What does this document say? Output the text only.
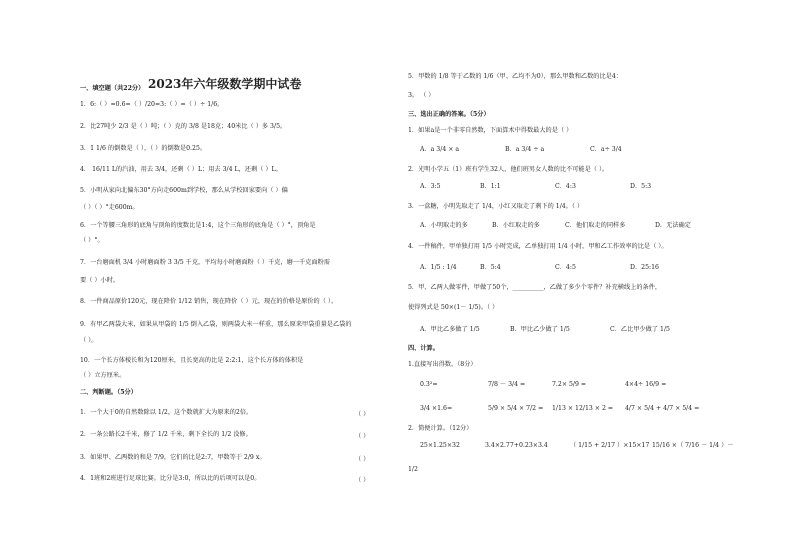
2023年六年级数学期中试卷
一、填空题（共22分）
1．6:（ ）=0.6=（ ）/20=3:（ ）=（ ）÷ 1/6。
2．比27吨少 2/3 是（ ）吨；（ ）克的 3/8 是18克；40米比（ ）多 3/5。
3．1 1/6 的倒数是（ ），（ ）的倒数是0.25。
4． 16/11 L的汽油，用去 3/4，还剩（ ）L；用去 3/4 L，还剩（ ）L。
5．小明从家向北偏东30°方向走600m到学校，那么从学校回家要向（ ）偏
（ ）（ ）°走600m。
6．一个等腰三角形的底角与顶角的度数比是1:4，这个三角形的底角是（ ）°，顶角是
（ ）°。
7．一台磨面机 3/4 小时磨面粉 3 3/5 千克，平均每小时磨面粉（ ）千克，磨一千克面粉需
要（ ）小时。
8．一件商品原价120元，现在降价 1/12 销售，现在降价（ ）元，现在的价格是原价的（ ）。
9．有甲乙两袋大米，如果从甲袋的 1/5 倒入乙袋，则两袋大米一样重，那么原来甲袋重量是乙袋的
（ ）。
10．一个长方体棱长和为120厘米，且长宽高的比是 2:2:1，这个长方体的体积是
（ ）立方厘米。
二、判断题。（5分）
1．一个大于0的自然数除以 1/2，这个数就扩大为原来的2倍。	（ ）
2．一条公路长2千米，修了 1/2 千米，剩下全长的 1/2 没修。	（ ）
3．如果甲、乙两数的和是 7/9，它们的比是2:7，甲数等于 2/9 x。	（ ）
4．1班和2班进行足球比赛。比分是3:0，所以比的后项可以是0。	（ ）
5．甲数的 1/8 等于乙数的 1/6（甲、乙均不为0），那么甲数和乙数的比是4：
3。 （ ）
三、选出正确的答案。（5分）
1．如果a是一个非零自然数，下面算术中得数最大的是（ ）
A．a 3/4 × a	B．a 3/4 ÷ a	C．a÷ 3/4
2．光明小学五（1）班有学生32人，他们班男女人数的比不可能是（ ）。
A．3:5	B．1:1	C．4:3	D．5:3
3．一盒糖，小明先取走了 1/4，小红又取走了剩下的 1/4。（ ）
A．小明取走的多	B．小红取走的多	C．他们取走的同样多	D．无法确定
4．一件稿件，甲单独打用 1/5 小时完成，乙单独打用 1/4 小时，甲和乙工作效率的比是（ ）。
A．1/5 : 1/4	B．5:4	C．4:5	D．25:16
5．甲、乙两人做零件，甲做了50个，__________，乙做了多少个零件？补充横线上的条件，
使得列式是 50×(1－ 1/5)。（ ）
A．甲比乙多做了 1/5	B．甲比乙少做了 1/5	C．乙比甲少做了 1/5
四、计算。
1.直接写出得数。（8分）
0.3²=	7/8 － 3/4 =	7.2× 5/9 =	4×4÷ 16/9 =
3/4 ×1.6=	5/9 × 5/4 × 7/2 = 1/13 × 12/13 × 2 = 4/7 × 5/4 + 4/7 × 5/4 =
2．简便计算。（12分）
25×1.25×32	3.4×2.77+0.23×3.4	（ 1/15 + 2/17 ）×15×17 15/16 ×（ 7/16 － 1/4 ）－
1/2
